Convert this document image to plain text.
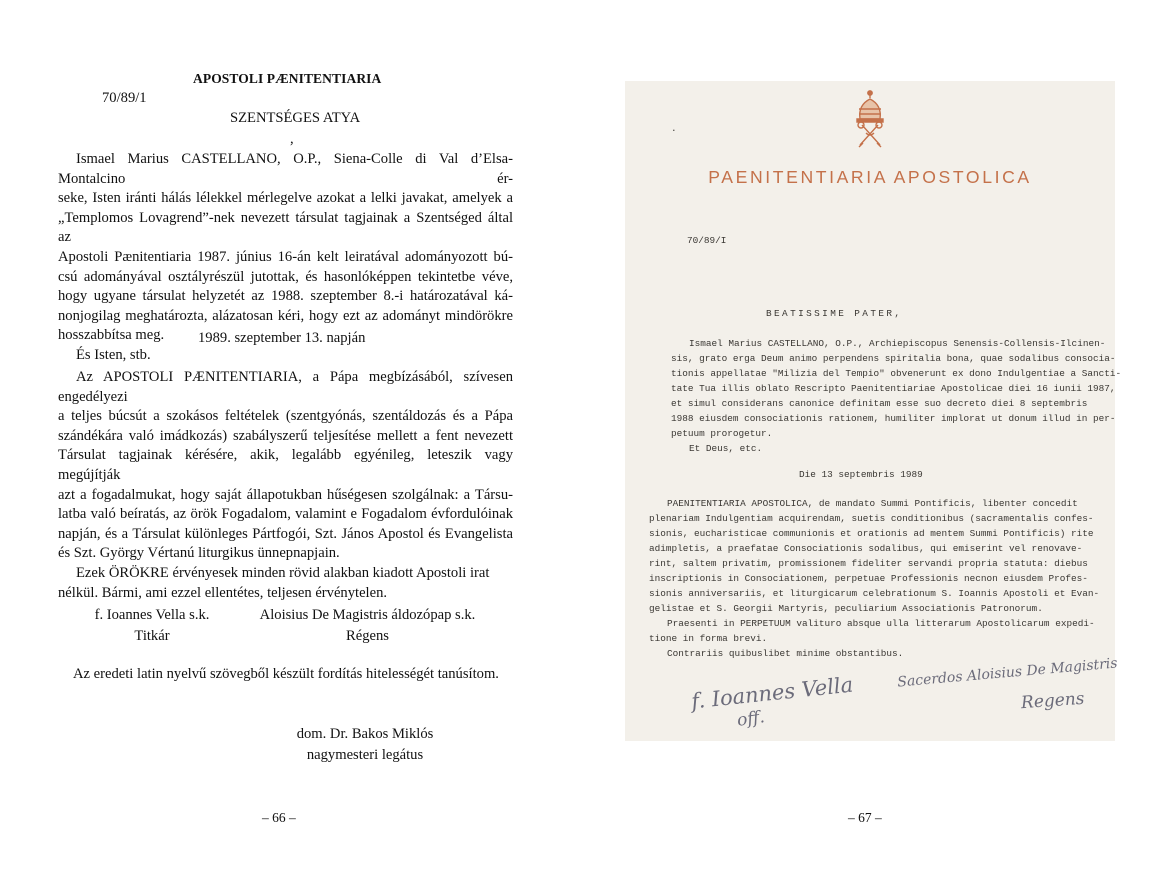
APOSTOLI PÆNITENTIARIA
70/89/1
SZENTSÉGES ATYA
,
Ismael Marius CASTELLANO, O.P., Siena-Colle di Val d’Elsa-Montalcino ér-
seke, Isten iránti hálás lélekkel mérlegelve azokat a lelki javakat, amelyek a
„Templomos Lovagrend”-nek nevezett társulat tagjainak a Szentséged által az
Apostoli Pænitentiaria 1987. június 16-án kelt leiratával adományozott bú-
csú adományával osztályrészül jutottak, és hasonlóképpen tekintetbe véve,
hogy ugyane társulat helyzetét az 1988. szeptember 8.-i határozatával ká-
nonjogilag meghatározta, alázatosan kéri, hogy ezt az adományt mindörökre
hosszabbítsa meg.
És Isten, stb.
1989. szeptember 13. napján
Az APOSTOLI PÆNITENTIARIA, a Pápa megbízásából, szívesen engedélyezi
a teljes búcsút a szokásos feltételek (szentgyónás, szentáldozás és a Pápa
szándékára való imádkozás) szabályszerű teljesítése mellett a fent nevezett
Társulat tagjainak kérésére, akik, legalább egyénileg, leteszik vagy megújítják
azt a fogadalmukat, hogy saját állapotukban hűségesen szolgálnak: a Társu-
latba való beíratás, az örök Fogadalom, valamint e Fogadalom évfordulóinak
napján, és a Társulat különleges Pártfogói, Szt. János Apostol és Evangelista
és Szt. György Vértanú liturgikus ünnepnapjain.
Ezek ÖRÖKRE érvényesek minden rövid alakban kiadott Apostoli irat
nélkül. Bármi, ami ezzel ellentétes, teljesen érvénytelen.
f. Ioannes Vella s.k.
Titkár
Aloisius De Magistris áldozópap s.k.
Régens
Az eredeti latin nyelvű szövegből készült fordítás hitelességét tanúsítom.
dom. Dr. Bakos Miklós
nagymesteri legátus
– 66 –
.
PAENITENTIARIA APOSTOLICA
70/89/I
BEATISSIME PATER,
Ismael Marius CASTELLANO, O.P., Archiepiscopus Senensis-Collensis-Ilcinen-
sis, grato erga Deum animo perpendens spiritalia bona, quae sodalibus consocia-
tionis appellatae "Milizia del Tempio" obvenerunt ex dono Indulgentiae a Sancti-
tate Tua illis oblato Rescripto Paenitentiariae Apostolicae diei 16 iunii 1987,
et simul considerans canonice definitam esse suo decreto diei 8 septembris
1988 eiusdem consociationis rationem, humiliter implorat ut donum illud in per-
petuum prorogetur.
Et Deus, etc.
Die 13 septembris 1989
PAENITENTIARIA APOSTOLICA, de mandato Summi Pontificis, libenter concedit
plenariam Indulgentiam acquirendam, suetis conditionibus (sacramentalis confes-
sionis, eucharisticae communionis et orationis ad mentem Summi Pontificis) rite
adimpletis, a praefatae Consociationis sodalibus, qui emiserint vel renovave-
rint, saltem privatim, promissionem fideliter servandi propria statuta: diebus
inscriptionis in Consociationem, perpetuae Professionis necnon eiusdem Profes-
sionis anniversariis, et liturgicarum celebrationum S. Ioannis Apostoli et Evan-
gelistae et S. Georgii Martyris, peculiarium Associationis Patronorum.
Praesenti in PERPETUUM valituro absque ulla litterarum Apostolicarum expedi-
tione in forma brevi.
Contrariis quibuslibet minime obstantibus.
f. Ioannes Vella
off.
Sacerdos Aloisius De Magistris
Regens
– 67 –
